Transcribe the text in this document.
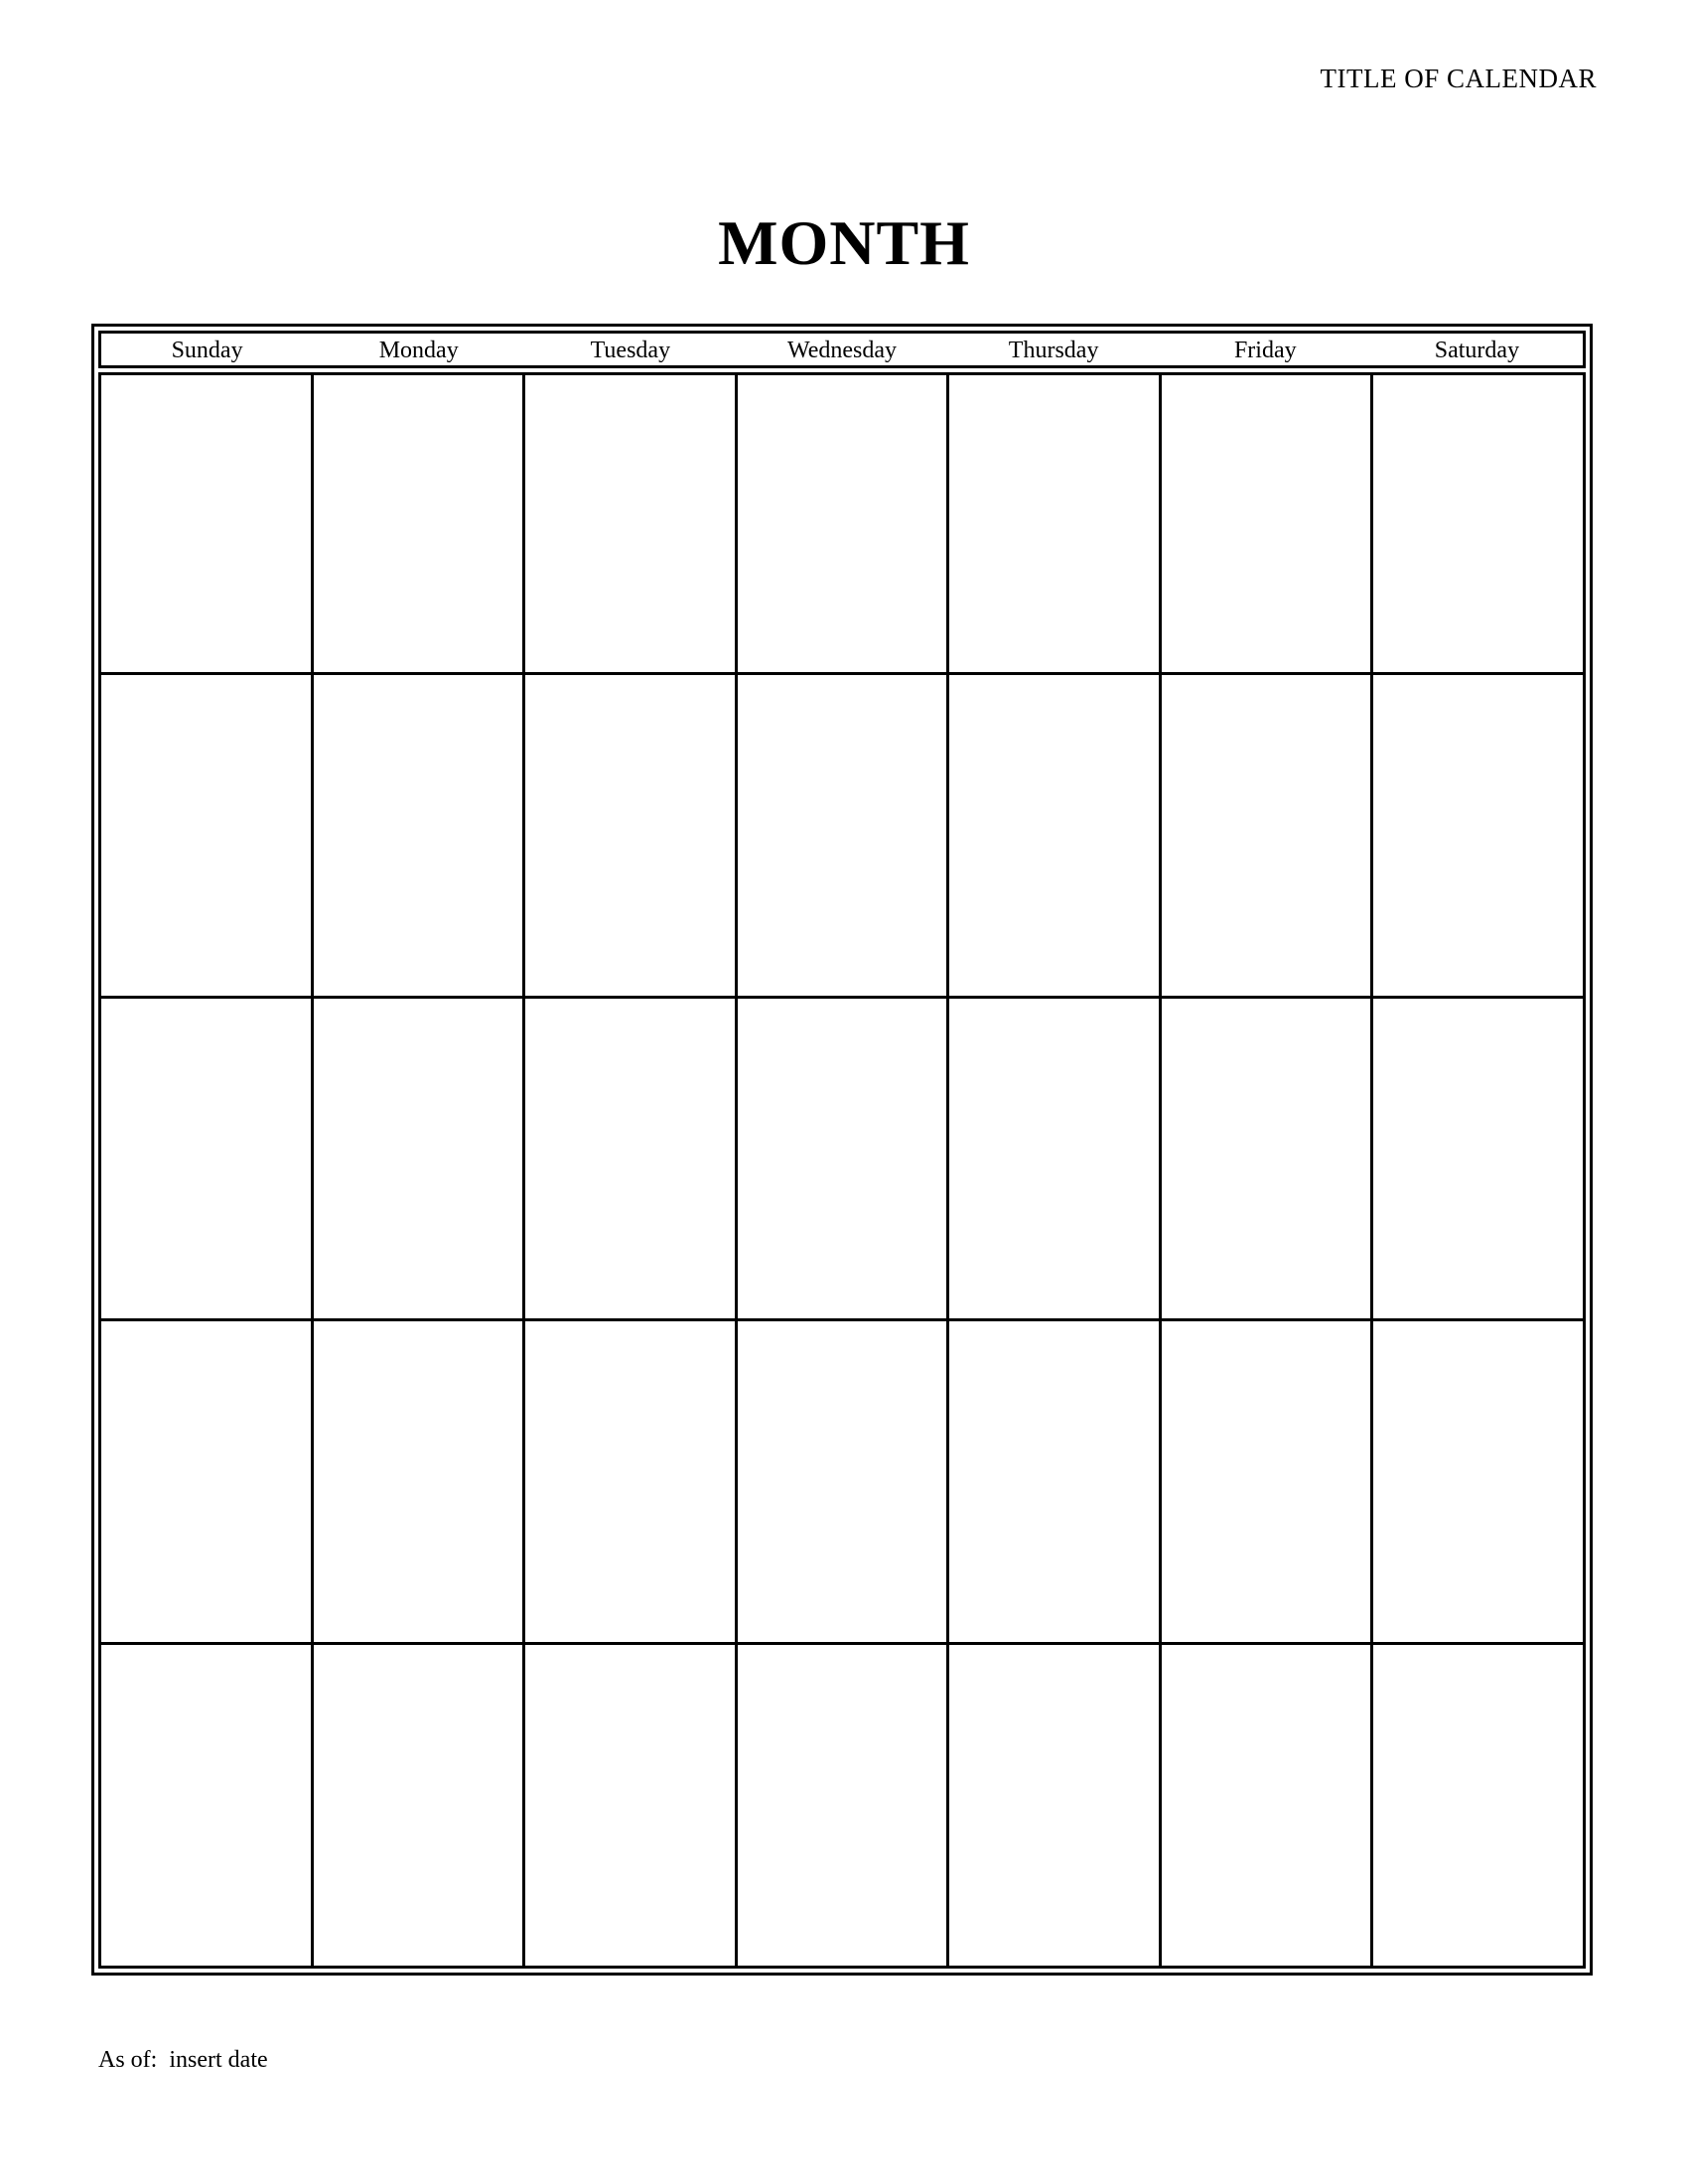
TITLE OF CALENDAR
MONTH
Sunday	Monday	Tuesday	Wednesday	Thursday	Friday	Saturday
As of: insert date
